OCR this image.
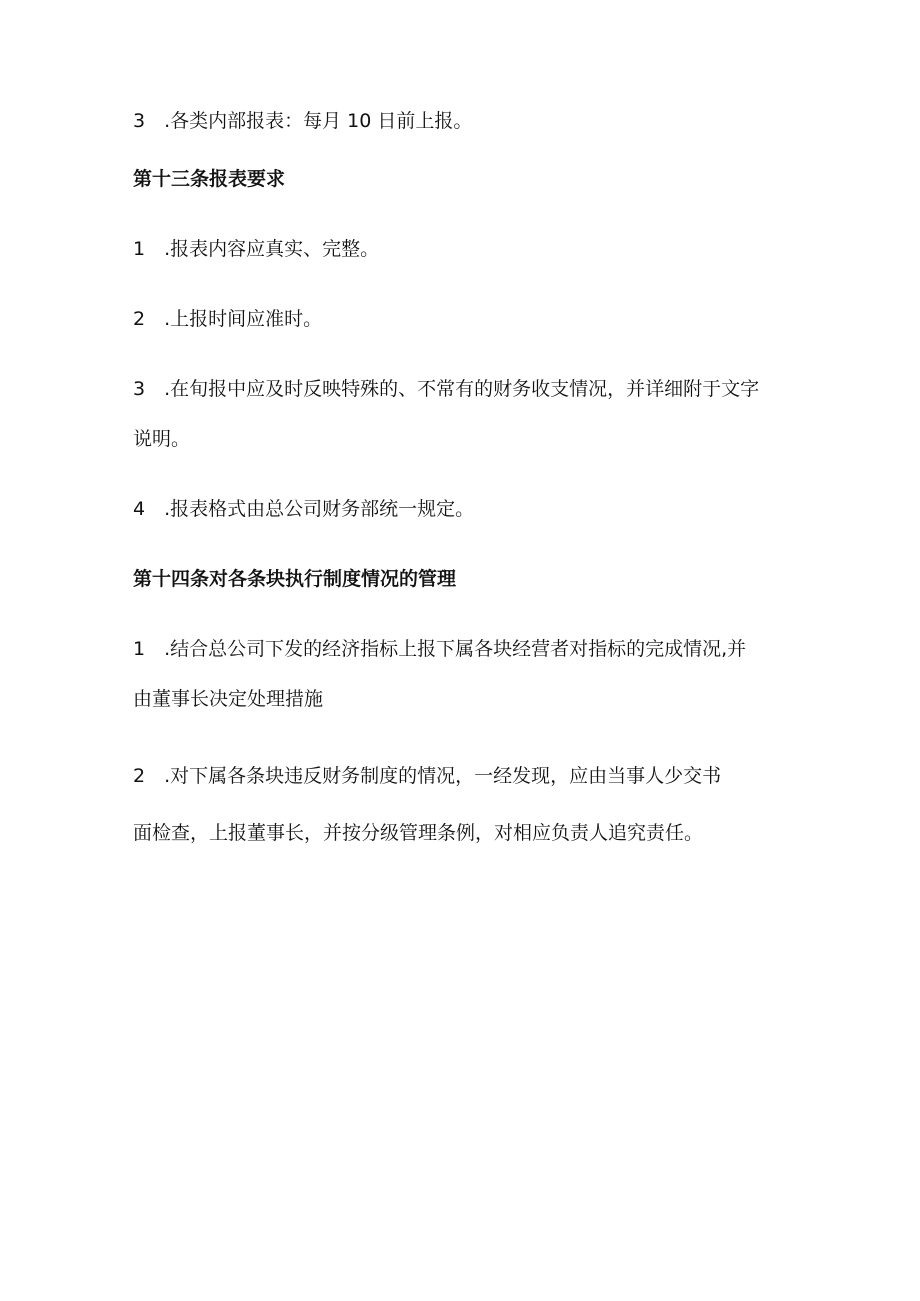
3　.各类内部报表：每月 10 日前上报。
第十三条报表要求
1　.报表内容应真实、完整。
2　.上报时间应准时。
3　.在旬报中应及时反映特殊的、不常有的财务收支情况，并详细附于文字
说明。
4　.报表格式由总公司财务部统一规定。
第十四条对各条块执行制度情况的管理
1　.结合总公司下发的经济指标上报下属各块经营者对指标的完成情况,并
由董事长决定处理措施
2　.对下属各条块违反财务制度的情况，一经发现，应由当事人少交书
面检查，上报董事长，并按分级管理条例，对相应负责人追究责任。
